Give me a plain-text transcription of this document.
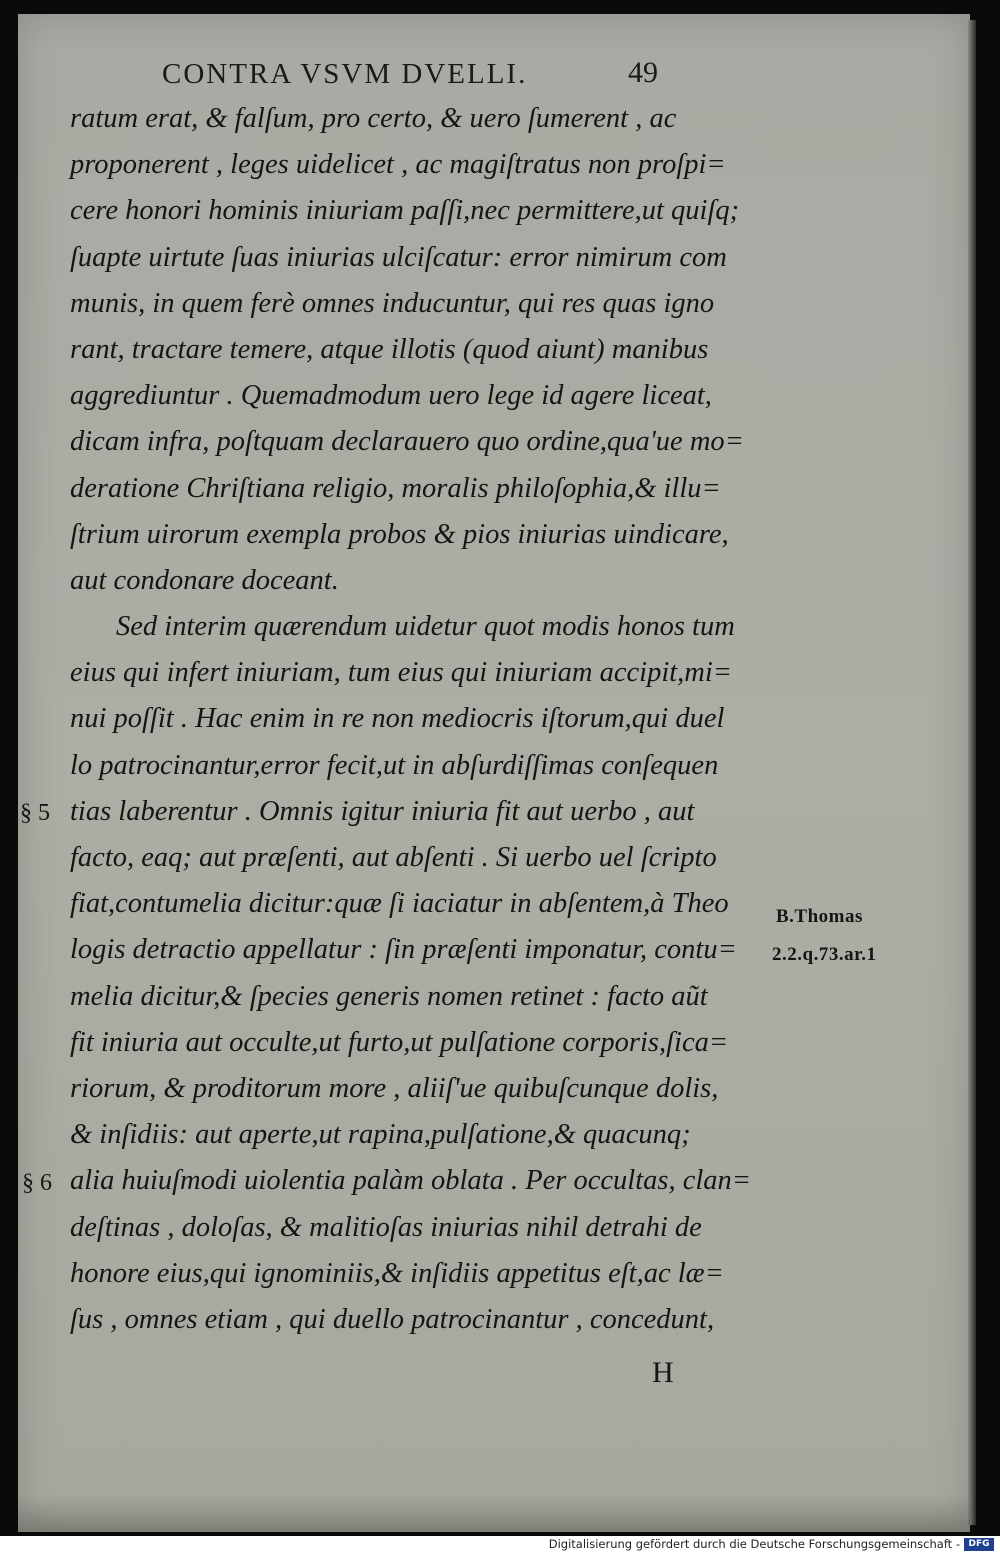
CONTRA VSVM DVELLI.	49
ratum erat, & falſum, pro certo, & uero ſumerent , ac
proponerent , leges uidelicet , ac magiſtratus non proſpi=
cere honori hominis iniuriam paſſi,nec permittere,ut quiſq;
ſuapte uirtute ſuas iniurias ulciſcatur: error nimirum com
munis, in quem ferè omnes inducuntur, qui res quas igno
rant, tractare temere, atque illotis (quod aiunt) manibus
aggrediuntur . Quemadmodum uero lege id agere liceat,
dicam infra, poſtquam declarauero quo ordine,qua'ue mo=
deratione Chriſtiana religio, moralis philoſophia,& illu=
ſtrium uirorum exempla probos & pios iniurias uindicare,
aut condonare doceant.
Sed interim quærendum uidetur quot modis honos tum
eius qui infert iniuriam, tum eius qui iniuriam accipit,mi=
nui poſſit . Hac enim in re non mediocris iſtorum,qui duel
lo patrocinantur,error fecit,ut in abſurdiſſimas conſequen
tias laberentur . Omnis igitur iniuria fit aut uerbo , aut
facto, eaq; aut præſenti, aut abſenti . Si uerbo uel ſcripto
fiat,contumelia dicitur:quæ ſi iaciatur in abſentem,à Theo
logis detractio appellatur : ſin præſenti imponatur, contu=
melia dicitur,& ſpecies generis nomen retinet : facto aũt
fit iniuria aut occulte,ut furto,ut pulſatione corporis,ſica=
riorum, & proditorum more , aliiſ'ue quibuſcunque dolis,
& inſidiis: aut aperte,ut rapina,pulſatione,& quacunq;
alia huiuſmodi uiolentia palàm oblata . Per occultas, clan=
deſtinas , doloſas, & malitioſas iniurias nihil detrahi de
honore eius,qui ignominiis,& inſidiis appetitus eſt,ac læ=
ſus , omnes etiam , qui duello patrocinantur , concedunt,
§ 5
§ 6
B.Thomas
2.2.q.73.ar.1
H
Digitalisierung gefördert durch die Deutsche Forschungsgemeinschaft - DFG
